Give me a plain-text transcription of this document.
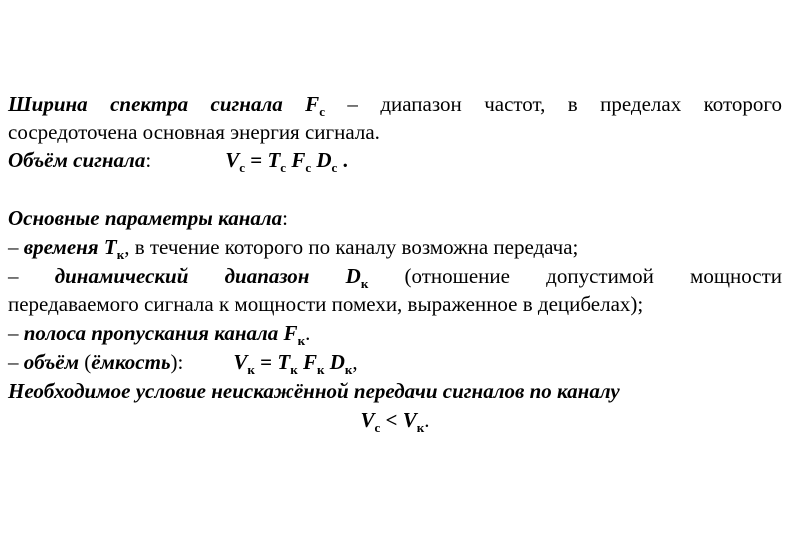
Ширина спектра сигнала $F_с$ – диапазон частот, в пределах которого
сосредоточена основная энергия сигнала.
Объём сигнала:	$V_с = T_с$ $F_с$ $D_с$ .
Основные параметры канала:
– временя $T_к$, в течение которого по каналу возможна передача;
– динамический диапазон $D_к$ (отношение допустимой мощности
передаваемого сигнала к мощности помехи, выраженное в децибелах);
– полоса пропускания канала $F_к$.
– объём (ёмкость): $V_к = T_к$ $F_к$ $D_к$,
Необходимое условие неискажённой передачи сигналов по каналу
$V_с < V_к$.
